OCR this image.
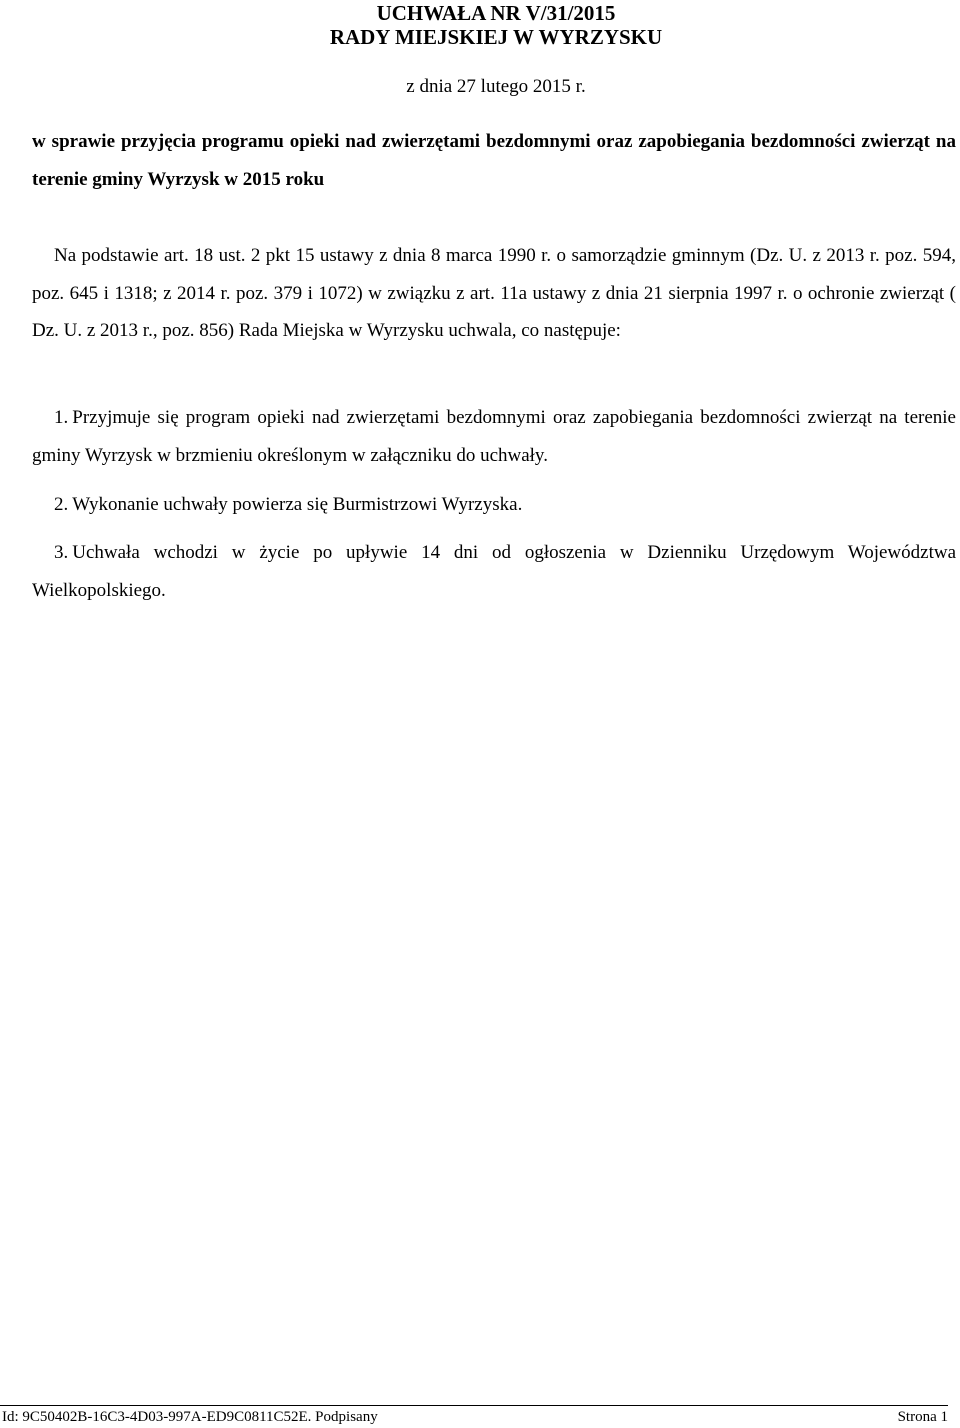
UCHWAŁA NR V/31/2015
RADY MIEJSKIEJ W WYRZYSKU
z dnia 27 lutego 2015 r.
w sprawie przyjęcia programu opieki nad zwierzętami bezdomnymi oraz zapobiegania bezdomności zwierząt na terenie gminy Wyrzysk w 2015 roku
Na podstawie art. 18 ust. 2 pkt 15 ustawy z dnia 8 marca 1990 r. o samorządzie gminnym (Dz. U. z 2013 r. poz. 594, poz. 645 i 1318; z 2014 r. poz. 379 i 1072) w związku z art. 11a ustawy z dnia 21 sierpnia 1997 r. o ochronie zwierząt ( Dz. U. z 2013 r., poz. 856) Rada Miejska w Wyrzysku uchwala, co następuje:
1. Przyjmuje się program opieki nad zwierzętami bezdomnymi oraz zapobiegania bezdomności zwierząt na terenie gminy Wyrzysk w brzmieniu określonym w załączniku do uchwały.
2. Wykonanie uchwały powierza się Burmistrzowi Wyrzyska.
3. Uchwała wchodzi w życie po upływie 14 dni od ogłoszenia w Dzienniku Urzędowym Województwa Wielkopolskiego.
Id: 9C50402B-16C3-4D03-997A-ED9C0811C52E. Podpisany	Strona 1
